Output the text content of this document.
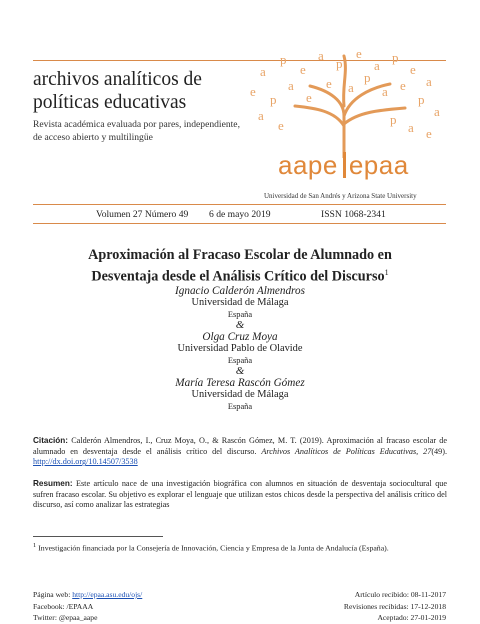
archivos analíticos de
políticas educativas
Revista académica evaluada por pares, independiente,
de acceso abierto y multilingüe
a
p
e
a
p
e
a
p
e
a
e
p
a
e
p
a e
p
a
a
e	p
a e
e a
aape epaa
Universidad de San Andrés y Arizona State University
Volumen 27 Número 49 6 de mayo 2019	ISSN 1068-2341
Aproximación al Fracaso Escolar de Alumnado en
Desventaja desde el Análisis Crítico del Discurso$^1$
Ignacio Calderón Almendros
Universidad de Málaga
España
&
Olga Cruz Moya
Universidad Pablo de Olavide
España
&
María Teresa Rascón Gómez
Universidad de Málaga
España
Citación: Calderón Almendros, I., Cruz Moya, O., & Rascón Gómez, M. T. (2019). Aproximación al fracaso escolar de alumnado en desventaja desde el análisis crítico del discurso. Archivos Analíticos de Políticas Educativas, 27(49). http://dx.doi.org/10.14507/3538
Resumen: Este artículo nace de una investigación biográfica con alumnos en situación de desventaja sociocultural que sufren fracaso escolar. Su objetivo es explorar el lenguaje que utilizan estos chicos desde la perspectiva del análisis crítico del discurso, así como analizar las estrategias
$^1$ Investigación financiada por la Consejería de Innovación, Ciencia y Empresa de la Junta de Andalucía (España).
Página web: http://epaa.asu.edu/ojs/
Facebook: /EPAAA
Twitter: @epaa_aape
Artículo recibido: 08-11-2017
Revisiones recibidas: 17-12-2018
Aceptado: 27-01-2019
